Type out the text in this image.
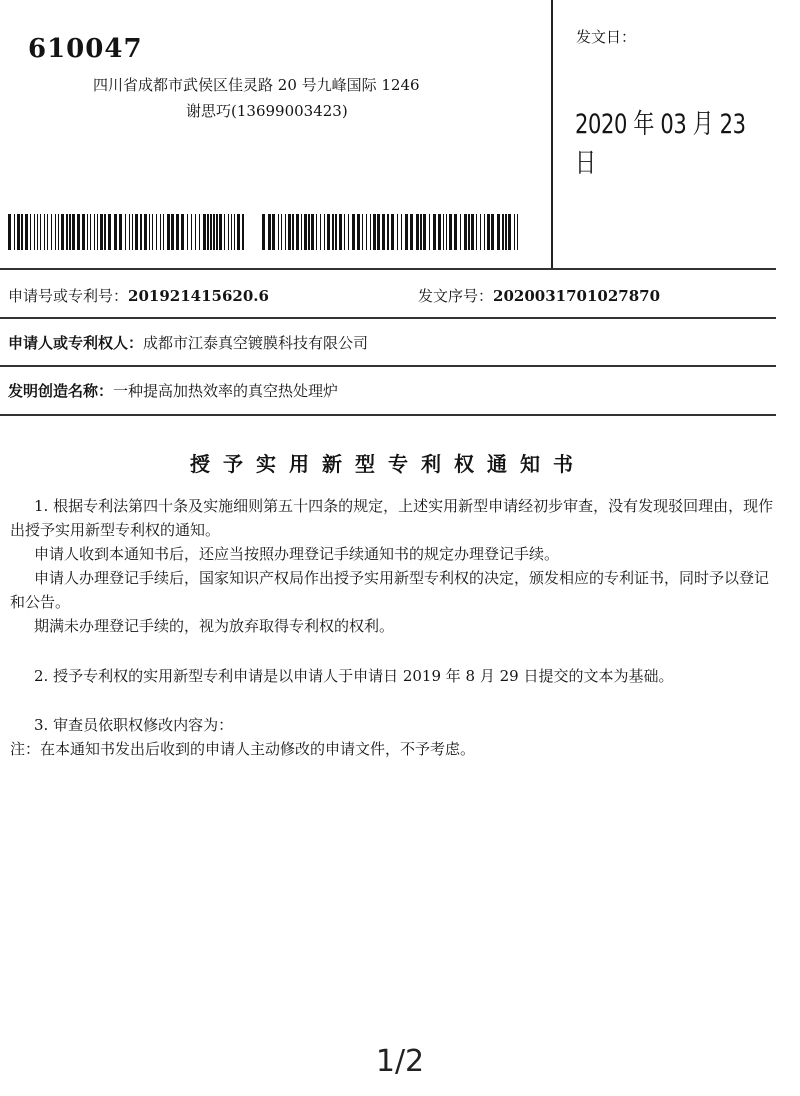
610047
四川省成都市武侯区佳灵路 20 号九峰国际 1246
谢思巧(13699003423)
发文日：
2020 年 03 月 23 日
申请号或专利号：201921415620.6	发文序号：2020031701027870
申请人或专利权人：成都市江泰真空镀膜科技有限公司
发明创造名称：一种提高加热效率的真空热处理炉
授予实用新型专利权通知书

1. 根据专利法第四十条及实施细则第五十四条的规定，上述实用新型申请经初步审查，没有发现驳回理由，现作出授予实用新型专利权的通知。

申请人收到本通知书后，还应当按照办理登记手续通知书的规定办理登记手续。

申请人办理登记手续后，国家知识产权局作出授予实用新型专利权的决定，颁发相应的专利证书，同时予以登记和公告。

期满未办理登记手续的，视为放弃取得专利权的权利。

2. 授予专利权的实用新型专利申请是以申请人于申请日 2019 年 8 月 29 日提交的文本为基础。

3. 审查员依职权修改内容为：

注：在本通知书发出后收到的申请人主动修改的申请文件，不予考虑。

1/2
